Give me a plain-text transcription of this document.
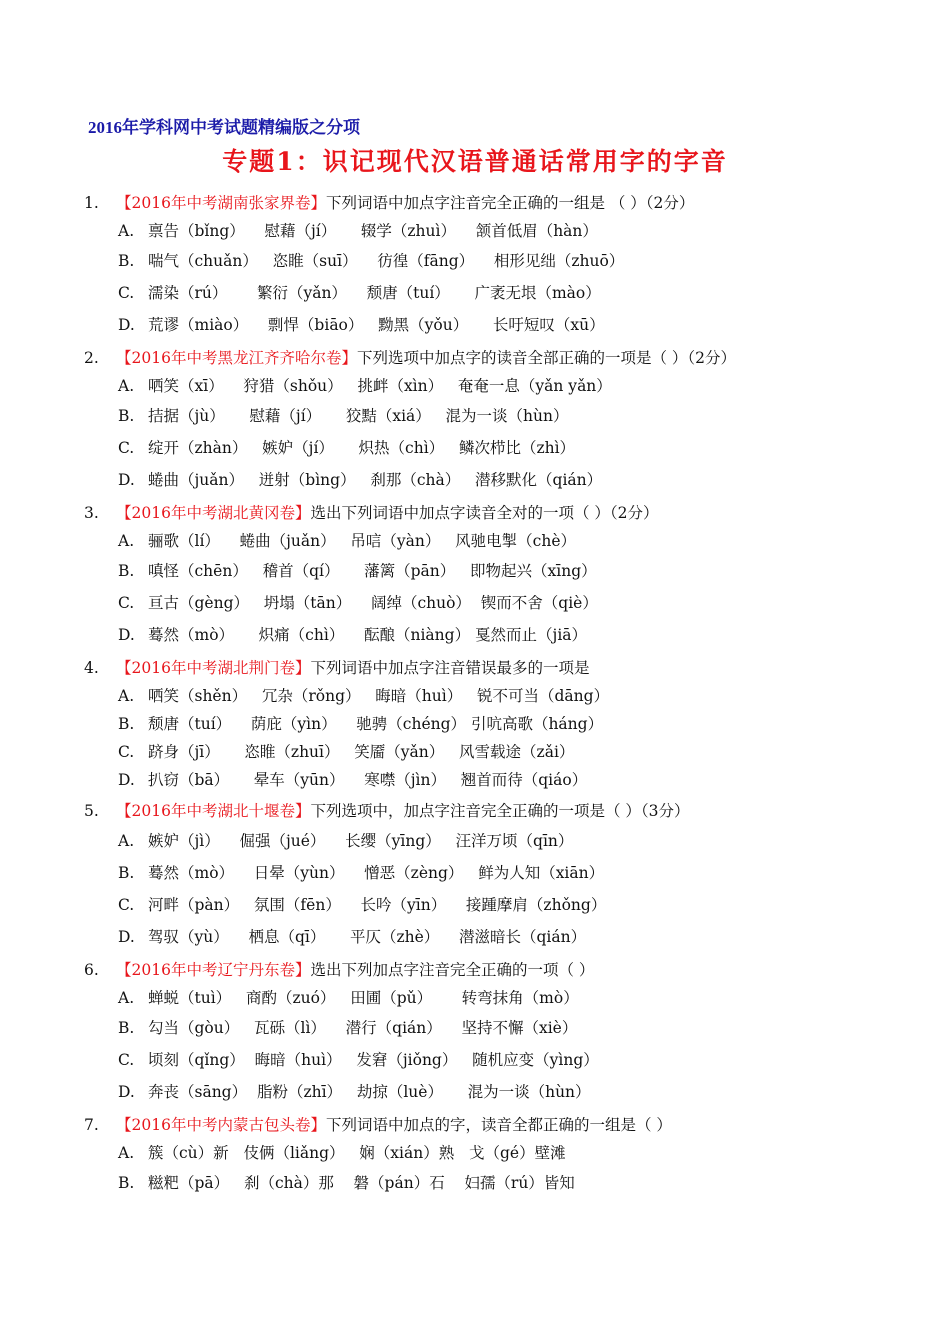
2016年学科网中考试题精编版之分项
专题1：识记现代汉语普通话常用字的字音
1. 【2016年中考湖南张家界卷】下列词语中加点字注音完全正确的一组是 （ ）（2分）
A. 禀告（bǐng）    慰藉（jí）     辍学（zhuì）    颔首低眉（hàn）
B. 喘气（chuǎn）   恣睢（suī）    彷徨（fāng）    相形见绌（zhuō）
C. 濡染（rú）      繁衍（yǎn）    颓唐（tuí）     广袤无垠（mào）
D. 荒谬（miào）    剽悍（biāo）   黝黑（yǒu）     长吁短叹（xū）
2. 【2016年中考黑龙江齐齐哈尔卷】下列选项中加点字的读音全部正确的一项是（ ）（2分）
A. 哂笑（xī）    狩猎（shǒu）   挑衅（xìn）   奄奄一息（yǎn yǎn）
B. 拮据（jù）     慰藉（jí）     狡黠（xiá）   混为一谈（hùn）
C. 绽开（zhàn）   嫉妒（jí）     炽热（chì）   鳞次栉比（zhì）
D. 蜷曲（juǎn）   迸射（bìng）   刹那（chà）   潜移默化（qián）
3. 【2016年中考湖北黄冈卷】选出下列词语中加点字读音全对的一项（ ）（2分）
A. 骊歌（lí）    蜷曲（juǎn）   吊唁（yàn）   风驰电掣（chè）
B. 嗔怪（chēn）   稽首（qí）     藩篱（pān）   即物起兴（xīng）
C. 亘古（gèng）   坍塌（tān）    阔绰（chuò）  锲而不舍（qiè）
D. 蓦然（mò）     炽痛（chì）    酝酿（niàng） 戛然而止（jiā）
4. 【2016年中考湖北荆门卷】下列词语中加点字注音错误最多的一项是
A. 哂笑（shěn）   冗杂（rǒng）   晦暗（huì）   锐不可当（dāng）
B. 颓唐（tuí）    荫庇（yìn）    驰骋（chéng） 引吭高歌（háng）
C. 跻身（jī）     恣睢（zhuī）   笑靥（yǎn）   风雪载途（zǎi）
D. 扒窃（bā）     晕车（yūn）    寒噤（jìn）   翘首而待（qiáo）
5. 【2016年中考湖北十堰卷】下列选项中，加点字注音完全正确的一项是（ ）（3分）
A. 嫉妒（jì）    倔强（jué）    长缨（yīng）   汪洋万顷（qīn）
B. 蓦然（mò）    日晕（yùn）    憎恶（zèng）   鲜为人知（xiān）
C. 河畔（pàn）   氛围（fēn）    长吟（yīn）    接踵摩肩（zhǒng）
D. 驾驭（yù）    栖息（qī）     平仄（zhè）    潜滋暗长（qián）
6. 【2016年中考辽宁丹东卷】选出下列加点字注音完全正确的一项（ ）
A. 蝉蜕（tuì）   商酌（zuó）   田圃（pǔ）      转弯抹角（mò）
B. 勾当（gòu）   瓦砾（lì）    潜行（qián）    坚持不懈（xiè）
C. 顷刻（qǐng）  晦暗（huì）   发窘（jiǒng）   随机应变（yìng）
D. 奔丧（sāng）  脂粉（zhī）   劫掠（luè）     混为一谈（hùn）
7. 【2016年中考内蒙古包头卷】下列词语中加点的字，读音全都正确的一组是（ ）
A. 簇（cù）新   伎俩（liǎng）   娴（xián）熟   戈（gé）壁滩
B. 糍粑（pā）   刹（chà）那    磐（pán）石    妇孺（rú）皆知
